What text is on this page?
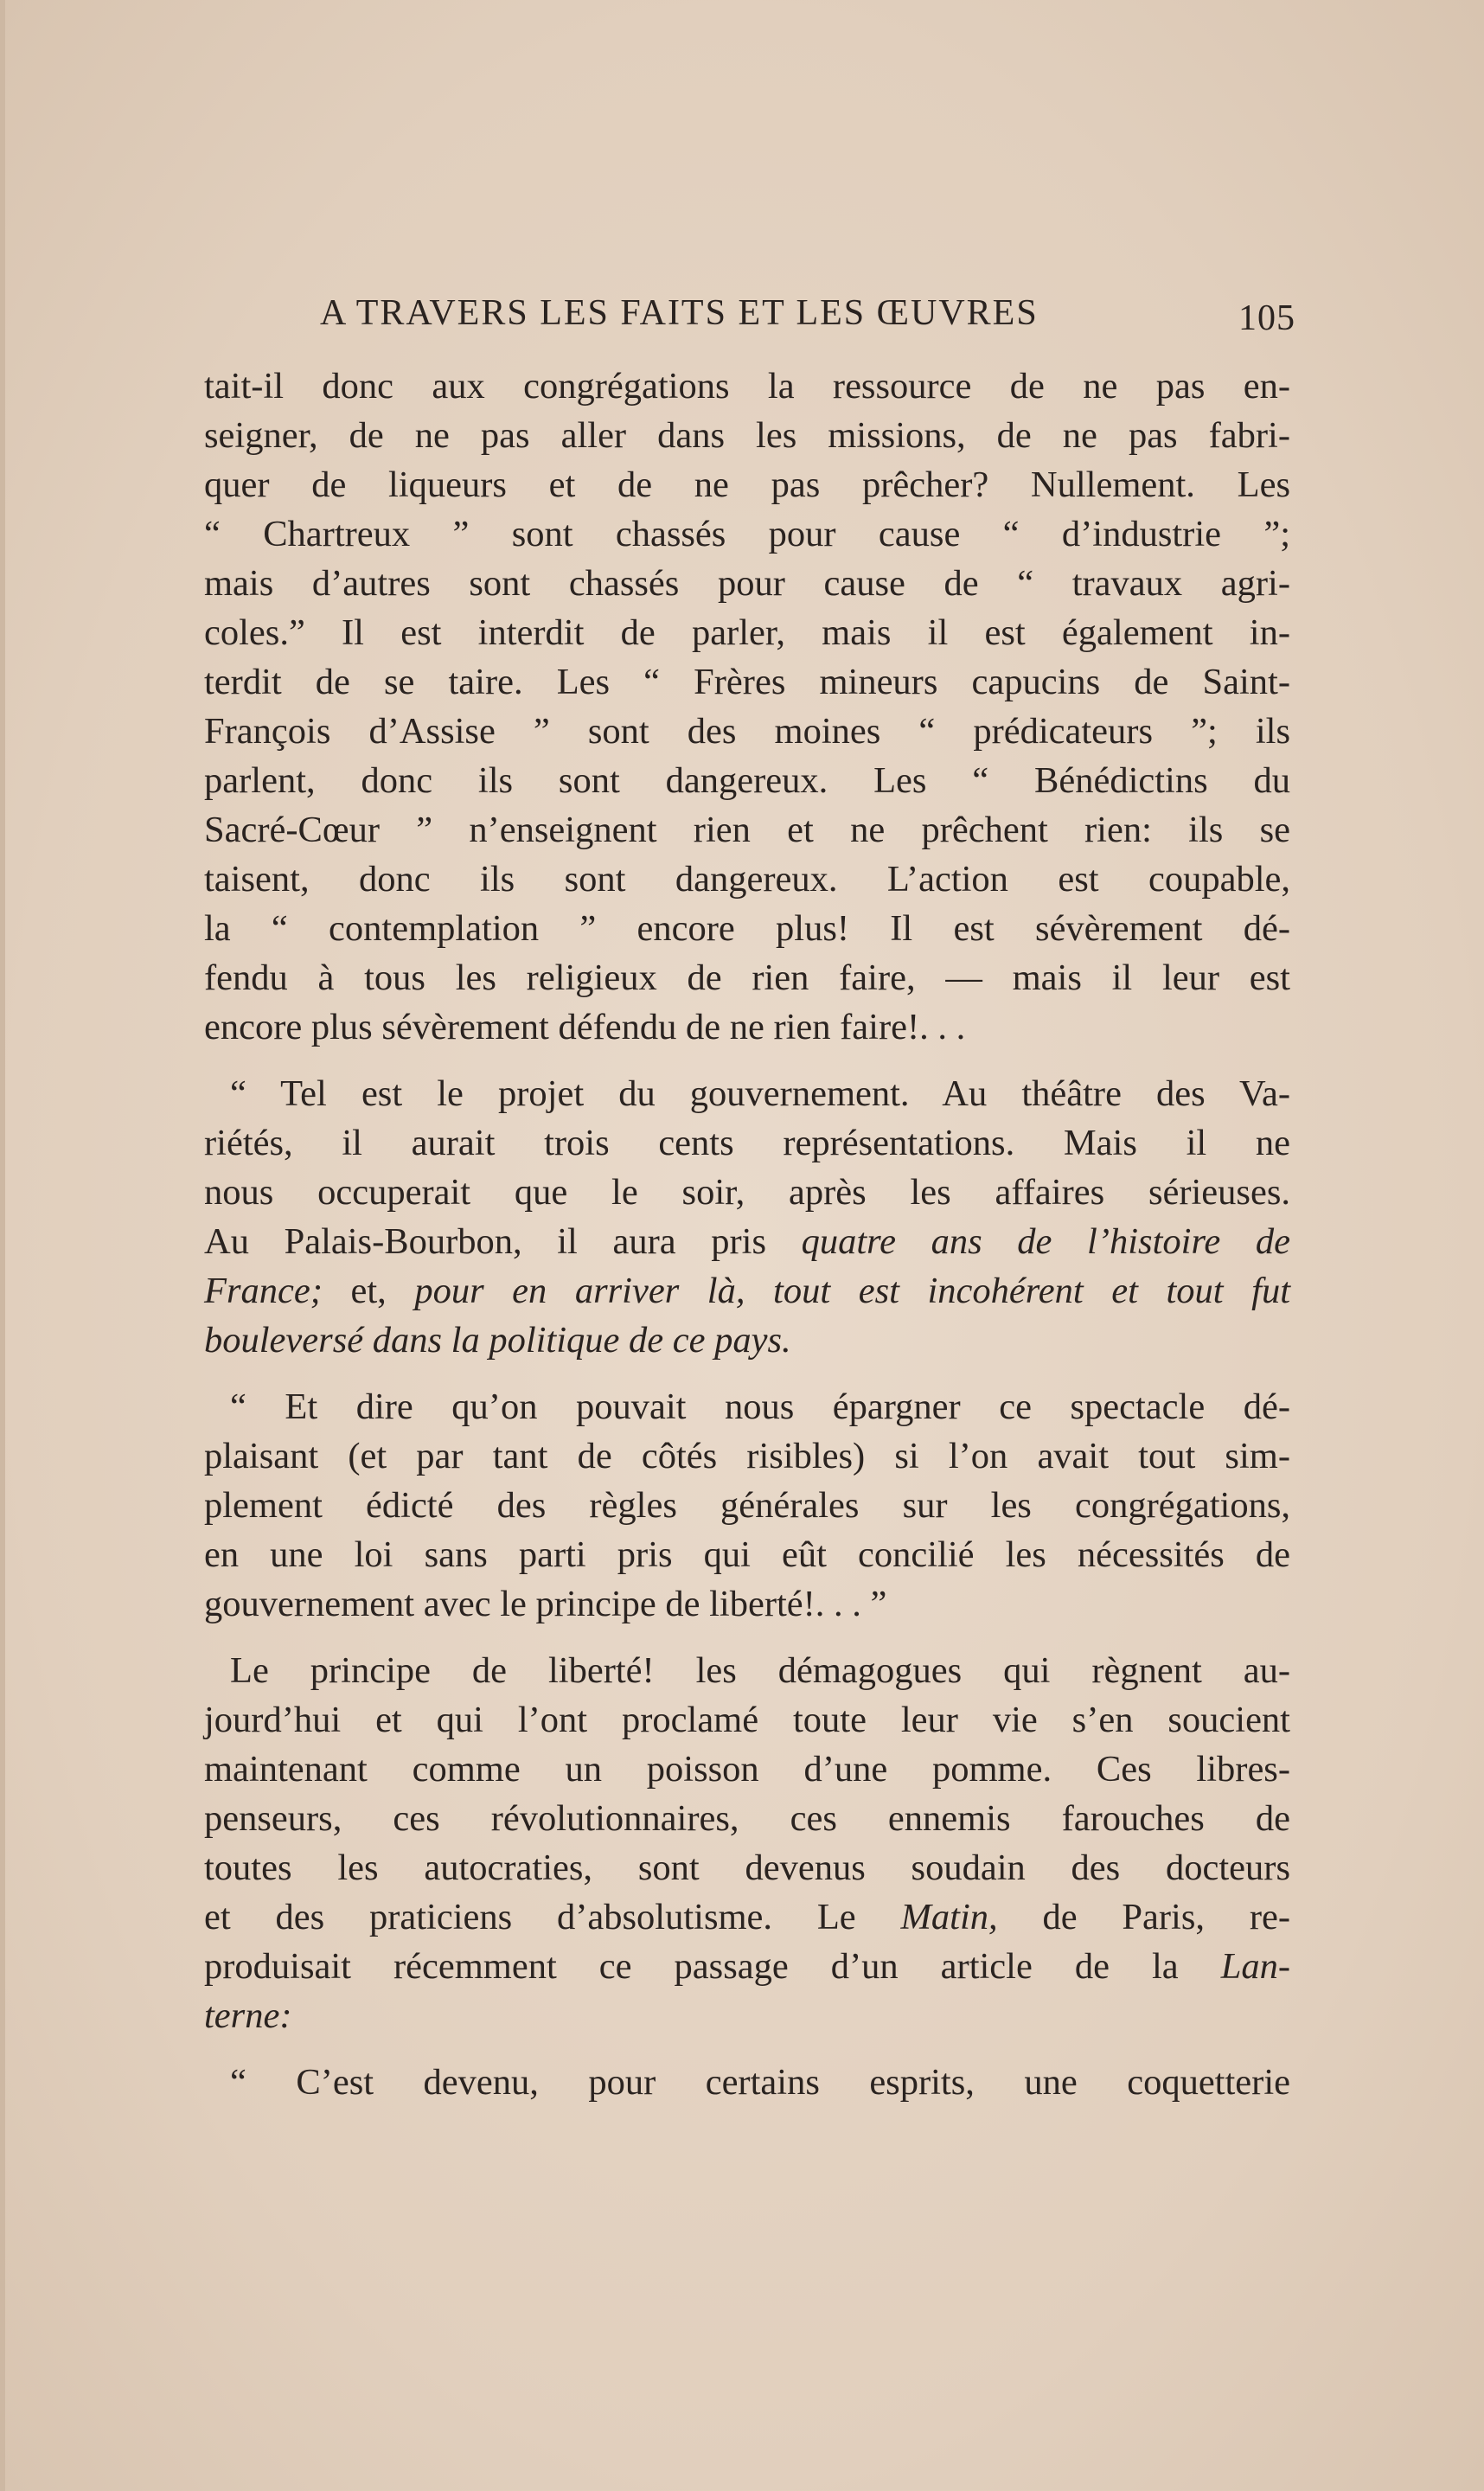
A TRAVERS LES FAITS ET LES ŒUVRES	105
tait-il donc aux congrégations la ressource de ne pas en-
seigner, de ne pas aller dans les missions, de ne pas fabri-
quer de liqueurs et de ne pas prêcher? Nullement. Les
“ Chartreux ” sont chassés pour cause “ d’industrie ”;
mais d’autres sont chassés pour cause de “ travaux agri-
coles.” Il est interdit de parler, mais il est également in-
terdit de se taire. Les “ Frères mineurs capucins de Saint-
François d’Assise ” sont des moines “ prédicateurs ”; ils
parlent, donc ils sont dangereux. Les “ Bénédictins du
Sacré-Cœur ” n’enseignent rien et ne prêchent rien: ils se
taisent, donc ils sont dangereux. L’action est coupable,
la “ contemplation ” encore plus! Il est sévèrement dé-
fendu à tous les religieux de rien faire, — mais il leur est
encore plus sévèrement défendu de ne rien faire!. . .
“ Tel est le projet du gouvernement. Au théâtre des Va-
riétés, il aurait trois cents représentations. Mais il ne
nous occuperait que le soir, après les affaires sérieuses.
Au Palais-Bourbon, il aura pris quatre ans de l’histoire de
France; et, pour en arriver là, tout est incohérent et tout fut
bouleversé dans la politique de ce pays.
“ Et dire qu’on pouvait nous épargner ce spectacle dé-
plaisant (et par tant de côtés risibles) si l’on avait tout sim-
plement édicté des règles générales sur les congrégations,
en une loi sans parti pris qui eût concilié les nécessités de
gouvernement avec le principe de liberté!. . . ”
Le principe de liberté! les démagogues qui règnent au-
jourd’hui et qui l’ont proclamé toute leur vie s’en soucient
maintenant comme un poisson d’une pomme. Ces libres-
penseurs, ces révolutionnaires, ces ennemis farouches de
toutes les autocraties, sont devenus soudain des docteurs
et des praticiens d’absolutisme. Le Matin, de Paris, re-
produisait récemment ce passage d’un article de la Lan-
terne:
“ C’est devenu, pour certains esprits, une coquetterie
